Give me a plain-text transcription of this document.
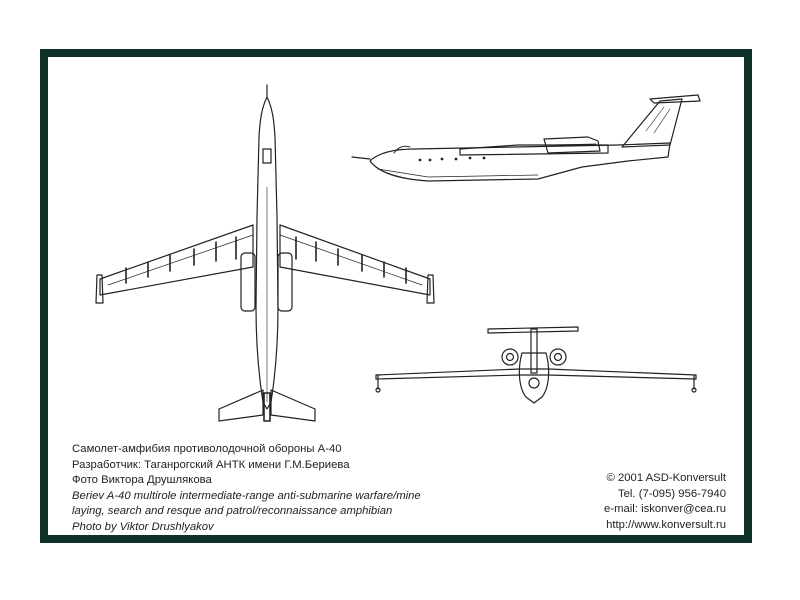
Самолет-амфибия противолодочной обороны А-40
Разработчик: Таганрогский АНТК имени Г.М.Бериева
Фото Виктора Друшлякова
Beriev A-40 multirole intermediate-range anti-submarine warfare/mine
laying, search and resque and patrol/reconnaissance amphibian
Photo by Viktor Drushlyakov
© 2001 ASD-Konversult
Tel. (7-095) 956-7940
e-mail: iskonver@cea.ru
http://www.konversult.ru
